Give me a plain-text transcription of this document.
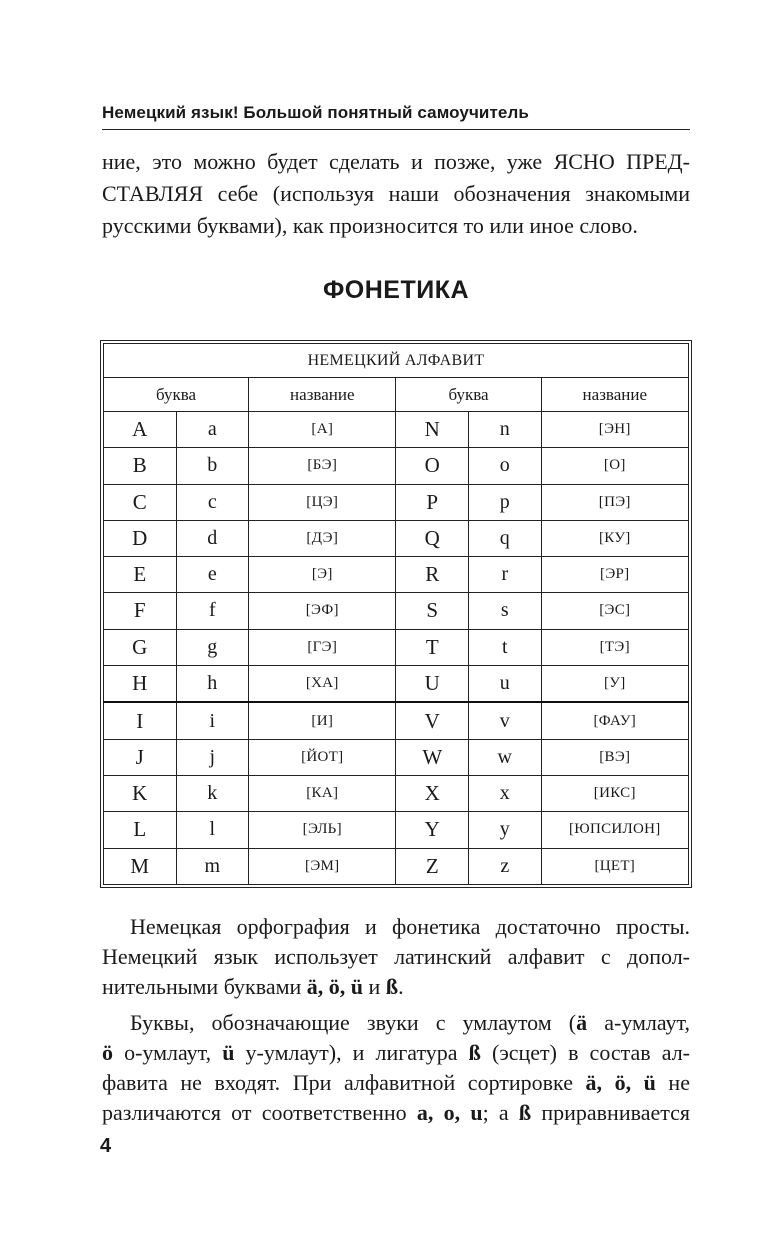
Немецкий язык! Большой понятный самоучитель
ние, это можно будет сделать и позже, уже ЯСНО ПРЕД-
СТАВЛЯЯ себе (используя наши обозначения знакомыми
русскими буквами), как произносится то или иное слово.
ФОНЕТИКА
НЕМЕЦКИЙ АЛФАВИТ					
буква		название	буква		название
A	a	[А]	N	n	[ЭН]
B	b	[БЭ]	O	o	[О]
C	c	[ЦЭ]	P	p	[ПЭ]
D	d	[ДЭ]	Q	q	[КУ]
E	e	[Э]	R	r	[ЭР]
F	f	[ЭФ]	S	s	[ЭС]
G	g	[ГЭ]	T	t	[ТЭ]
H	h	[ХА]	U	u	[У]
I	i	[И]	V	v	[ФАУ]
J	j	[ЙОТ]	W	w	[ВЭ]
K	k	[КА]	X	x	[ИКС]
L	l	[ЭЛЬ]	Y	y	[ЮПСИЛОН]
M	m	[ЭМ]	Z	z	[ЦЕТ]
Немецкая орфография и фонетика достаточно просты.
Немецкий язык использует латинский алфавит с допол-
нительными буквами ä, ö, ü и ß.
Буквы, обозначающие звуки с умлаутом (ä а-умлаут,
ö о-умлаут, ü у-умлаут), и лигатура ß (эсцет) в состав ал-
фавита не входят. При алфавитной сортировке ä, ö, ü не
различаются от соответственно a, o, u; а ß приравнивается
4
